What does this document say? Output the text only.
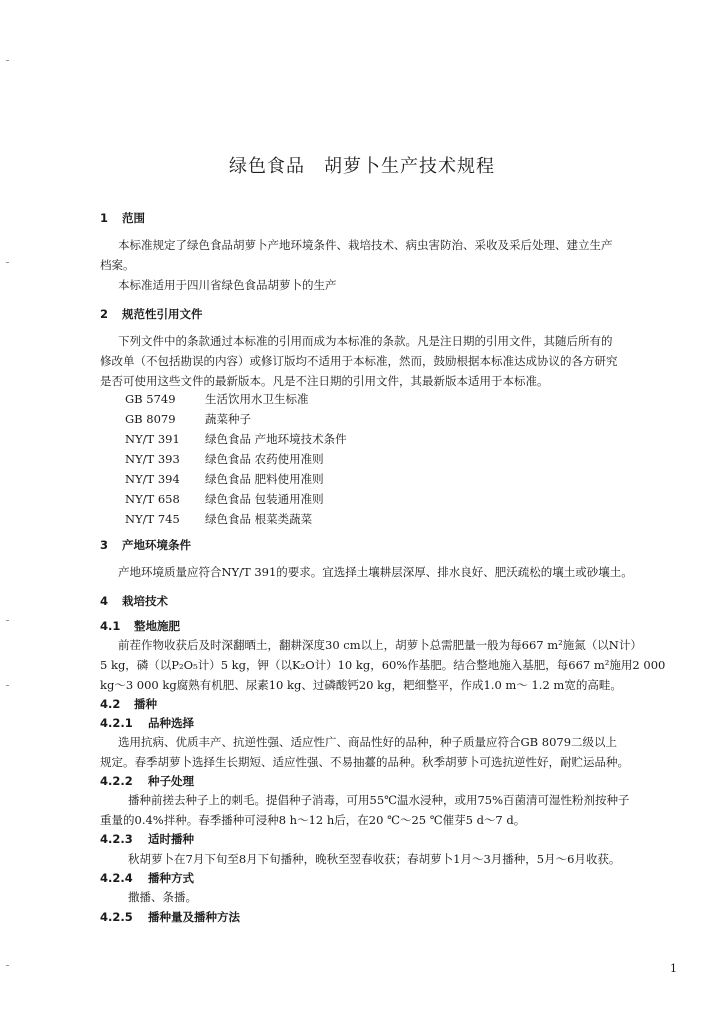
绿色食品　胡萝卜生产技术规程
1 范围
本标准规定了绿色食品胡萝卜产地环境条件、栽培技术、病虫害防治、采收及采后处理、建立生产
档案。
本标准适用于四川省绿色食品胡萝卜的生产
2 规范性引用文件
下列文件中的条款通过本标准的引用而成为本标准的条款。凡是注日期的引用文件，其随后所有的
修改单（不包括勘误的内容）或修订版均不适用于本标准，然而，鼓励根据本标准达成协议的各方研究
是否可使用这些文件的最新版本。凡是不注日期的引用文件，其最新版本适用于本标准。
GB 5749	生活饮用水卫生标准
GB 8079	蔬菜种子
NY/T 391 绿色食品 产地环境技术条件
NY/T 393 绿色食品 农药使用准则
NY/T 394 绿色食品 肥料使用准则
NY/T 658 绿色食品 包装通用准则
NY/T 745 绿色食品 根菜类蔬菜
3 产地环境条件
产地环境质量应符合NY/T 391的要求。宜选择土壤耕层深厚、排水良好、肥沃疏松的壤土或砂壤土。
4 栽培技术
4.1 整地施肥
前茬作物收获后及时深翻晒土，翻耕深度30 cm以上，胡萝卜总需肥量一般为每667 m²施氮（以N计）
5 kg，磷（以P₂O₅计）5 kg，钾（以K₂O计）10 kg，60%作基肥。结合整地施入基肥，每667 m²施用2 000
kg～3 000 kg腐熟有机肥、尿素10 kg、过磷酸钙20 kg，耙细整平，作成1.0 m～ 1.2 m宽的高畦。
4.2 播种
4.2.1 品种选择
选用抗病、优质丰产、抗逆性强、适应性广、商品性好的品种，种子质量应符合GB 8079二级以上
规定。春季胡萝卜选择生长期短、适应性强、不易抽薹的品种。秋季胡萝卜可选抗逆性好，耐贮运品种。
4.2.2 种子处理
播种前搓去种子上的刺毛。提倡种子消毒，可用55℃温水浸种，或用75%百菌清可湿性粉剂按种子
重量的0.4%拌种。春季播种可浸种8 h～12 h后，在20 ℃～25 ℃催芽5 d～7 d。
4.2.3 适时播种
秋胡萝卜在7月下旬至8月下旬播种，晚秋至翌春收获；春胡萝卜1月～3月播种，5月～6月收获。
4.2.4 播种方式
撒播、条播。
4.2.5 播种量及播种方法
1
